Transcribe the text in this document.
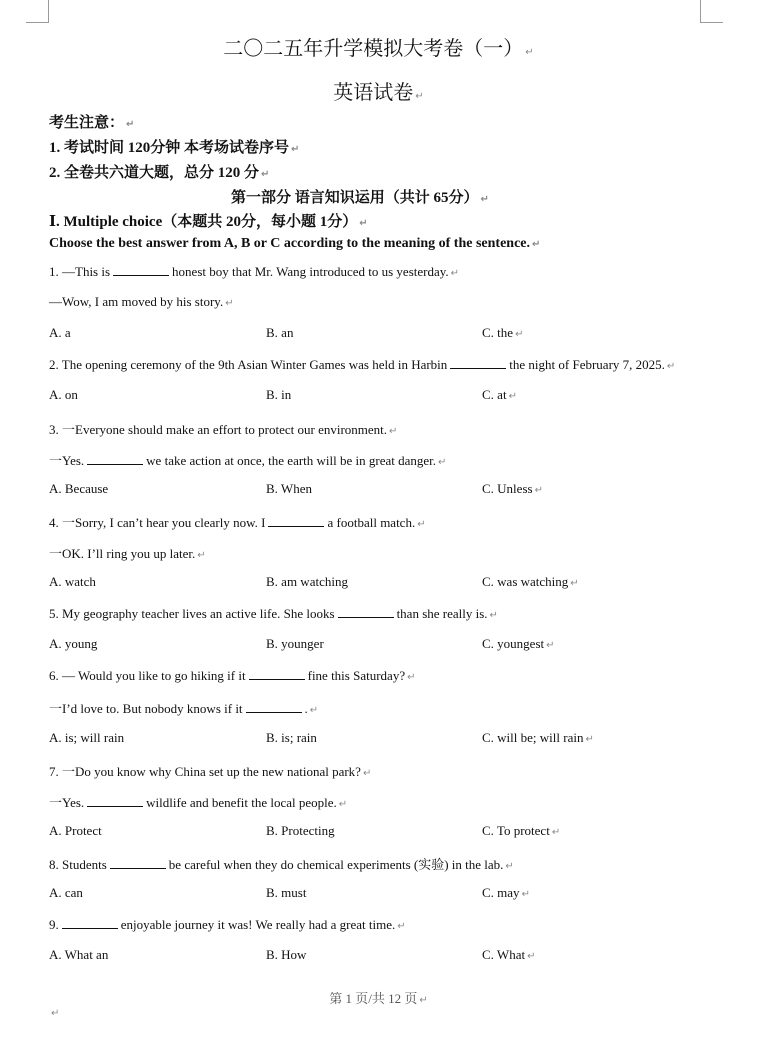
二〇二五年升学模拟大考卷（一） ↵
英语试卷 ↵
考生注意： ↵
1. 考试时间 120分钟 本考场试卷序号 ↵
2. 全卷共六道大题，总分 120 分 ↵
第一部分 语言知识运用（共计 65分） ↵
Ⅰ. Multiple choice（本题共 20分，每小题 1分） ↵
Choose the best answer from A, B or C according to the meaning of the sentence. ↵
1. —This is	honest boy that Mr. Wang introduced to us yesterday. ↵
—Wow, I am moved by his story. ↵
A. a	B. an	C. the ↵
2. The opening ceremony of the 9th Asian Winter Games was held in Harbin	the night of February 7, 2025. ↵
A. on	B. in	C. at ↵
3. 一Everyone should make an effort to protect our environment. ↵
一Yes.	we take action at once, the earth will be in great danger. ↵
A. Because	B. When	C. Unless ↵
4. 一Sorry, I can’t hear you clearly now. I	a football match. ↵
一OK. I’ll ring you up later. ↵
A. watch	B. am watching	C. was watching ↵
5. My geography teacher lives an active life. She looks	than she really is. ↵
A. young	B. younger	C. youngest ↵
6. — Would you like to go hiking if it	fine this Saturday? ↵
一I’d love to. But nobody knows if it	. ↵
A. is; will rain	B. is; rain	C. will be; will rain ↵
7. 一Do you know why China set up the new national park? ↵
一Yes.	wildlife and benefit the local people. ↵
A. Protect	B. Protecting	C. To protect ↵
8. Students	be careful when they do chemical experiments (实验) in the lab. ↵
A. can	B. must	C. may ↵
9.	enjoyable journey it was! We really had a great time. ↵
A. What an	B. How	C. What ↵
第 1 页/共 12 页 ↵
↵
